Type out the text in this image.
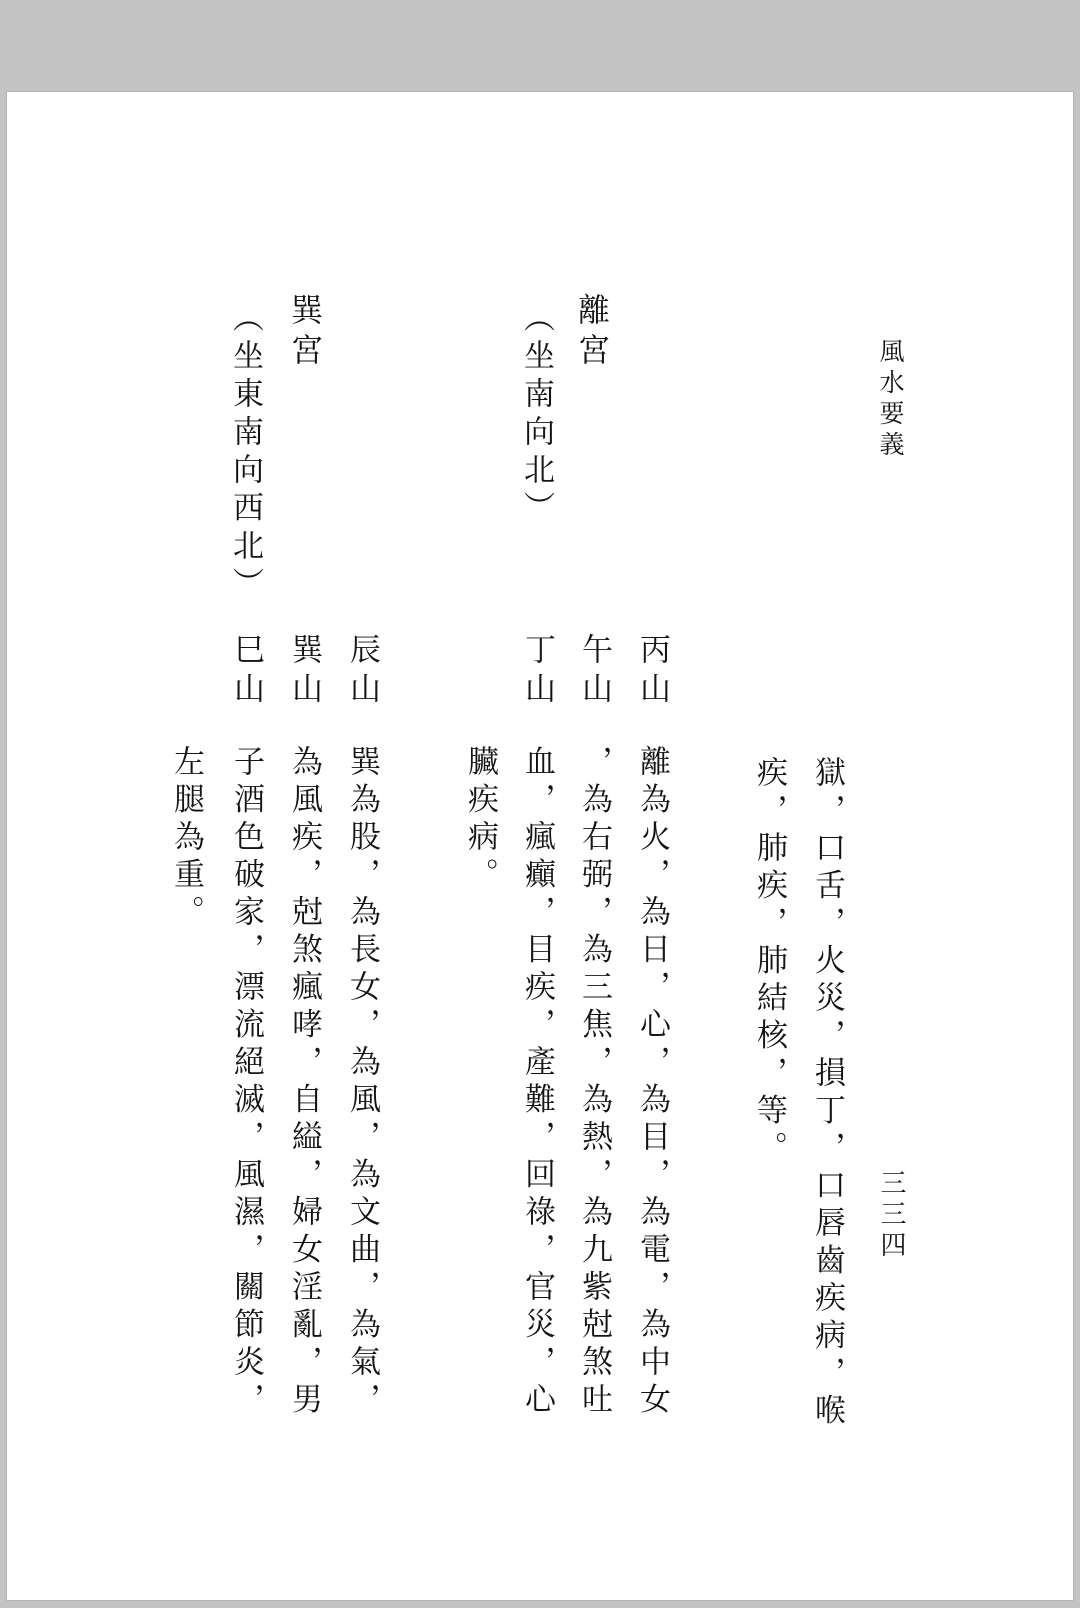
風水要義
三三四
獄，口舌，火災，損丁，口唇齒疾病，喉
疾，肺疾，肺結核，等。
離宮
︵坐南向北︶
丙山
離為火，為日，心，為目，為電，為中女
午山
，為右弼，為三焦，為熱，為九紫尅煞吐
丁山
血，瘋癲，目疾，產難，回祿，官災，心
臟疾病。
巽宮
︵坐東南向西北︶
辰山
巽為股，為長女，為風，為文曲，為氣，
巽山
為風疾，尅煞瘋哮，自縊，婦女淫亂，男
巳山
子酒色破家，漂流絕滅，風濕，關節炎，
左腿為重。
